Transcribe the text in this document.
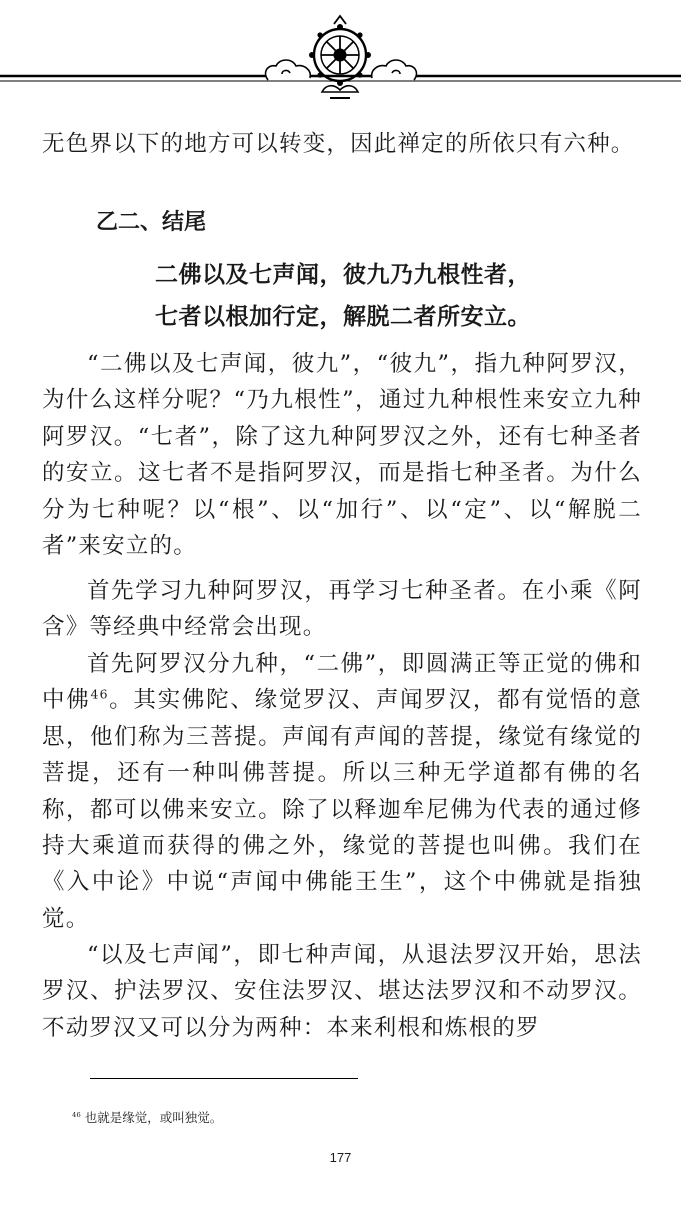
无色界以下的地方可以转变，因此禅定的所依只有六种。

乙二、结尾

二佛以及七声闻，彼九乃九根性者，

七者以根加行定，解脱二者所安立。

“二佛以及七声闻，彼九”，“彼九”，指九种阿罗汉，为什么这样分呢？“乃九根性”，通过九种根性来安立九种阿罗汉。“七者”，除了这九种阿罗汉之外，还有七种圣者的安立。这七者不是指阿罗汉，而是指七种圣者。为什么分为七种呢？以“根”、以“加行”、以“定”、以“解脱二者”来安立的。

首先学习九种阿罗汉，再学习七种圣者。在小乘《阿含》等经典中经常会出现。

首先阿罗汉分九种，“二佛”，即圆满正等正觉的佛和中佛$^{46}$。其实佛陀、缘觉罗汉、声闻罗汉，都有觉悟的意思，他们称为三菩提。声闻有声闻的菩提，缘觉有缘觉的菩提，还有一种叫佛菩提。所以三种无学道都有佛的名称，都可以佛来安立。除了以释迦牟尼佛为代表的通过修持大乘道而获得的佛之外，缘觉的菩提也叫佛。我们在《入中论》中说“声闻中佛能王生”，这个中佛就是指独觉。

“以及七声闻”，即七种声闻，从退法罗汉开始，思法罗汉、护法罗汉、安住法罗汉、堪达法罗汉和不动罗汉。不动罗汉又可以分为两种：本来利根和炼根的罗

$^{46}$ 也就是缘觉，或叫独觉。

177
